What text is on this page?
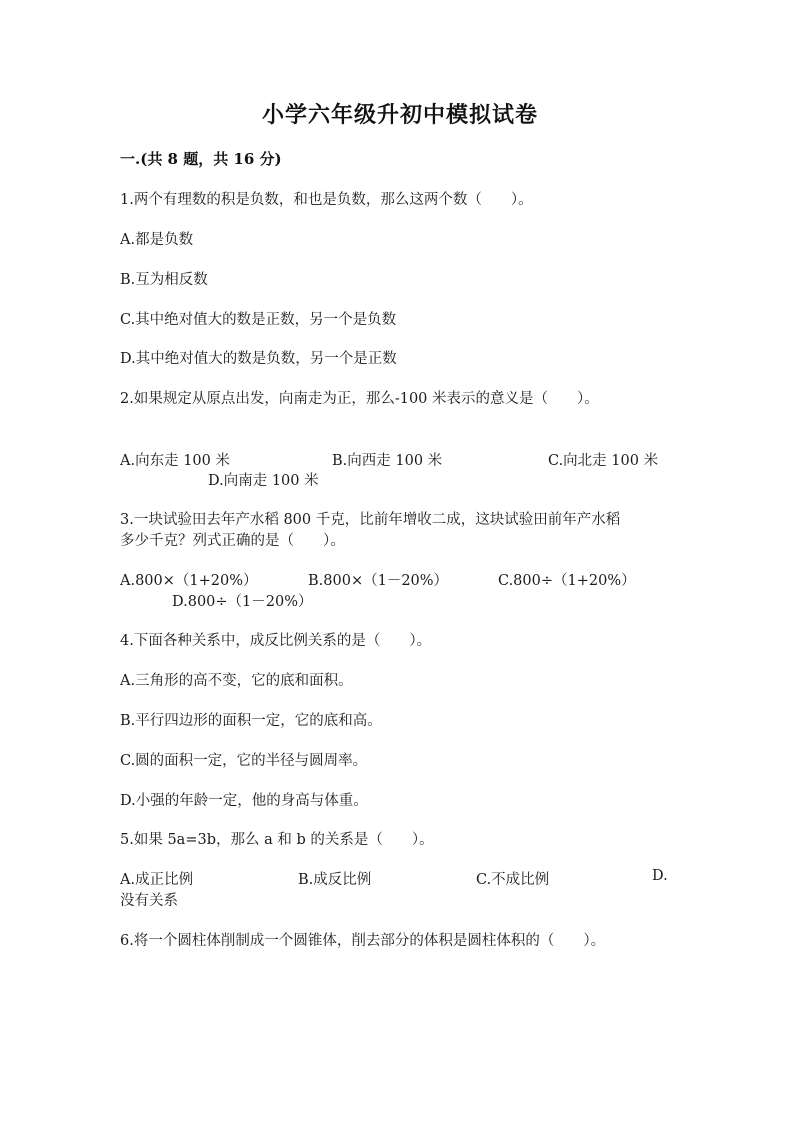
小学六年级升初中模拟试卷
一.(共 8 题，共 16 分)
1.两个有理数的积是负数，和也是负数，那么这两个数（　　）。
A.都是负数
B.互为相反数
C.其中绝对值大的数是正数，另一个是负数
D.其中绝对值大的数是负数，另一个是正数
2.如果规定从原点出发，向南走为正，那么-100 米表示的意义是（　　）。
A.向东走 100 米	B.向西走 100 米	C.向北走 100 米
D.向南走 100 米
3.一块试验田去年产水稻 800 千克，比前年增收二成，这块试验田前年产水稻
多少千克？列式正确的是（　　）。
A.800×（1+20%）	B.800×（1－20%）	C.800÷（1+20%）
D.800÷（1－20%）
4.下面各种关系中，成反比例关系的是（　　）。
A.三角形的高不变，它的底和面积。
B.平行四边形的面积一定，它的底和高。
C.圆的面积一定，它的半径与圆周率。
D.小强的年龄一定，他的身高与体重。
5.如果 5a=3b，那么 a 和 b 的关系是（　　）。
A.成正比例	B.成反比例	C.不成比例	D.
没有关系
6.将一个圆柱体削制成一个圆锥体，削去部分的体积是圆柱体积的（　　）。
